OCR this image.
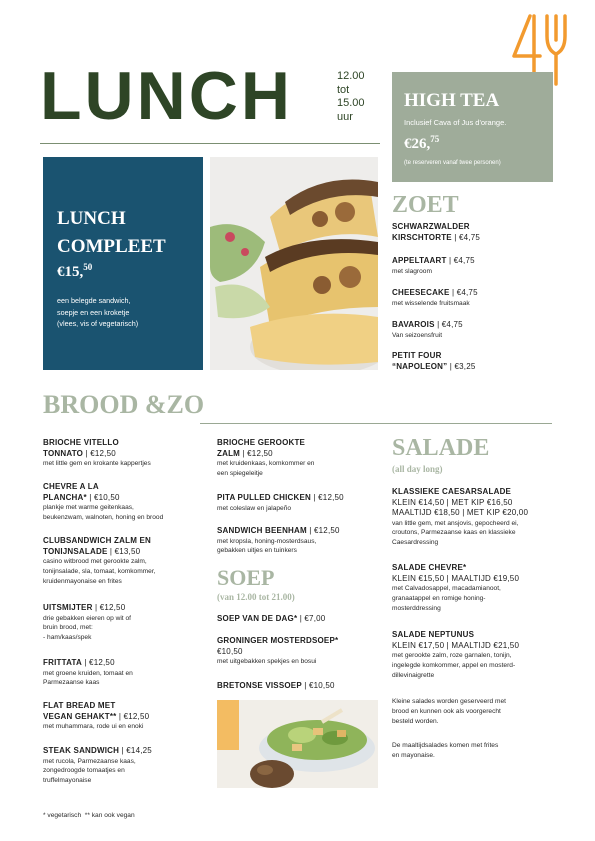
LUNCH	12.00
tot
15.00
uur
HIGH TEA
Inclusief Cava of Jus d'orange.
€26,75
(te reserveren vanaf twee personen)
LUNCH COMPLEET
€15,50
een belegde sandwich,
soepje en een kroketje
(vlees, vis of vegetarisch)
ZOET
SCHWARZWALDER
KIRSCHTORTE | €4,75
APPELTAART | €4,75
met slagroom
CHEESECAKE | €4,75
met wisselende fruitsmaak
BAVAROIS | €4,75
Van seizoensfruit
PETIT FOUR
“NAPOLEON” | €3,25
BROOD &ZO
BRIOCHE VITELLO
TONNATO | €12,50
met little gem en krokante kappertjes
CHEVRE A LA
PLANCHA* | €10,50
plankje met warme geitenkaas,
beukenzwam, walnoten, honing en brood
CLUBSANDWICH ZALM EN
TONIJNSALADE | €13,50
casino witbrood met gerookte zalm,
tonijnsalade, sla, tomaat, komkommer,
kruidenmayonaise en frites
UITSMIJTER | €12,50
drie gebakken eieren op wit of
bruin brood, met:
- ham/kaas/spek
FRITTATA | €12,50
met groene kruiden, tomaat en
Parmezaanse kaas
FLAT BREAD MET
VEGAN GEHAKT** | €12,50
met muhammara, rode ui en enoki
STEAK SANDWICH | €14,25
met rucola, Parmezaanse kaas,
zongedroogde tomaatjes en
truffelmayonaise
BRIOCHE GEROOKTE
ZALM | €12,50
met kruidenkaas, komkommer en
een spiegeleitje
PITA PULLED CHICKEN | €12,50
met coleslaw en jalapeño
SANDWICH BEENHAM | €12,50
met kropsla, honing-mosterdsaus,
gebakken uitjes en tuinkers
SOEP
(van 12.00 tot 21.00)
SOEP VAN DE DAG* | €7,00
GRONINGER MOSTERDSOEP*
€10,50
met uitgebakken spekjes en bosui
BRETONSE VISSOEP | €10,50
SALADE
(all day long)
KLASSIEKE CAESARSALADE
KLEIN €14,50 | MET KIP €16,50
MAALTIJD €18,50 | MET KIP €20,00
van little gem, met ansjovis, gepocheerd ei,
croutons, Parmezaanse kaas en klassieke
Caesardressing
SALADE CHEVRE*
KLEIN €15,50 | MAALTIJD €19,50
met Calvadosappel, macadamianoot,
granaatappel en romige honing-
mosterddressing
SALADE NEPTUNUS
KLEIN €17,50 | MAALTIJD €21,50
met gerookte zalm, roze garnalen, tonijn,
ingelegde komkommer, appel en mosterd-
dillevinaigrette
Kleine salades worden geserveerd met
brood en kunnen ook als voorgerecht
besteld worden.
De maaltijdsalades komen met frites
en mayonaise.
* vegetarisch  ** kan ook vegan
